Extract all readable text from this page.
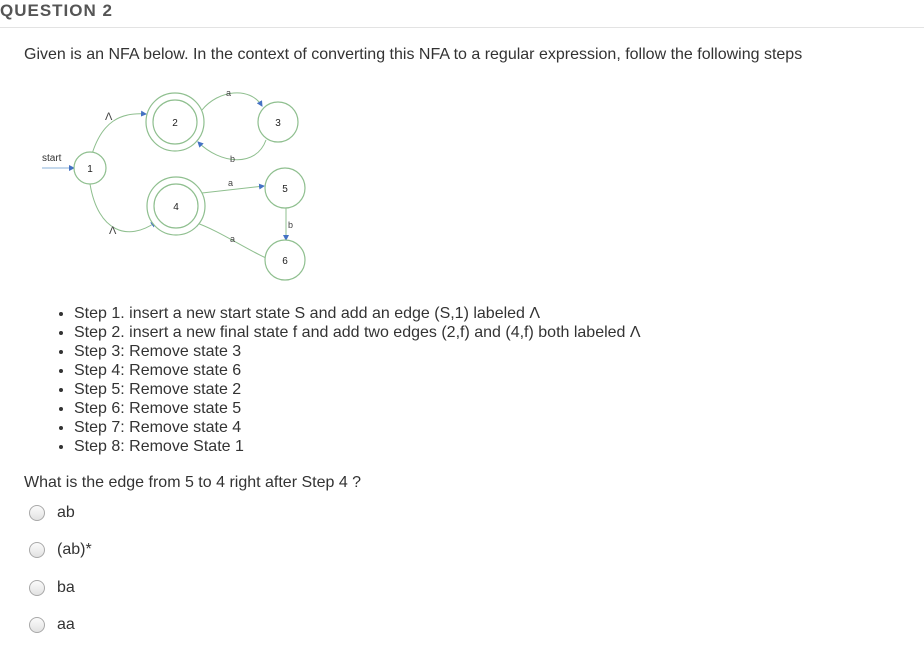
QUESTION 2
Given is an NFA below. In the context of converting this NFA to a regular expression, follow the following steps
start
Λ
Λ
a
b
a
b
a
1
2	3
4
5
6
• Step 1. insert a new start state S and add an edge (S,1) labeled Λ
• Step 2. insert a new final state f and add two edges (2,f) and (4,f) both labeled Λ
• Step 3: Remove state 3
• Step 4: Remove state 6
• Step 5: Remove state 2
• Step 6: Remove state 5
• Step 7: Remove state 4
• Step 8: Remove State 1
What is the edge from 5 to 4 right after Step 4 ?
ab
(ab)*
ba
aa
